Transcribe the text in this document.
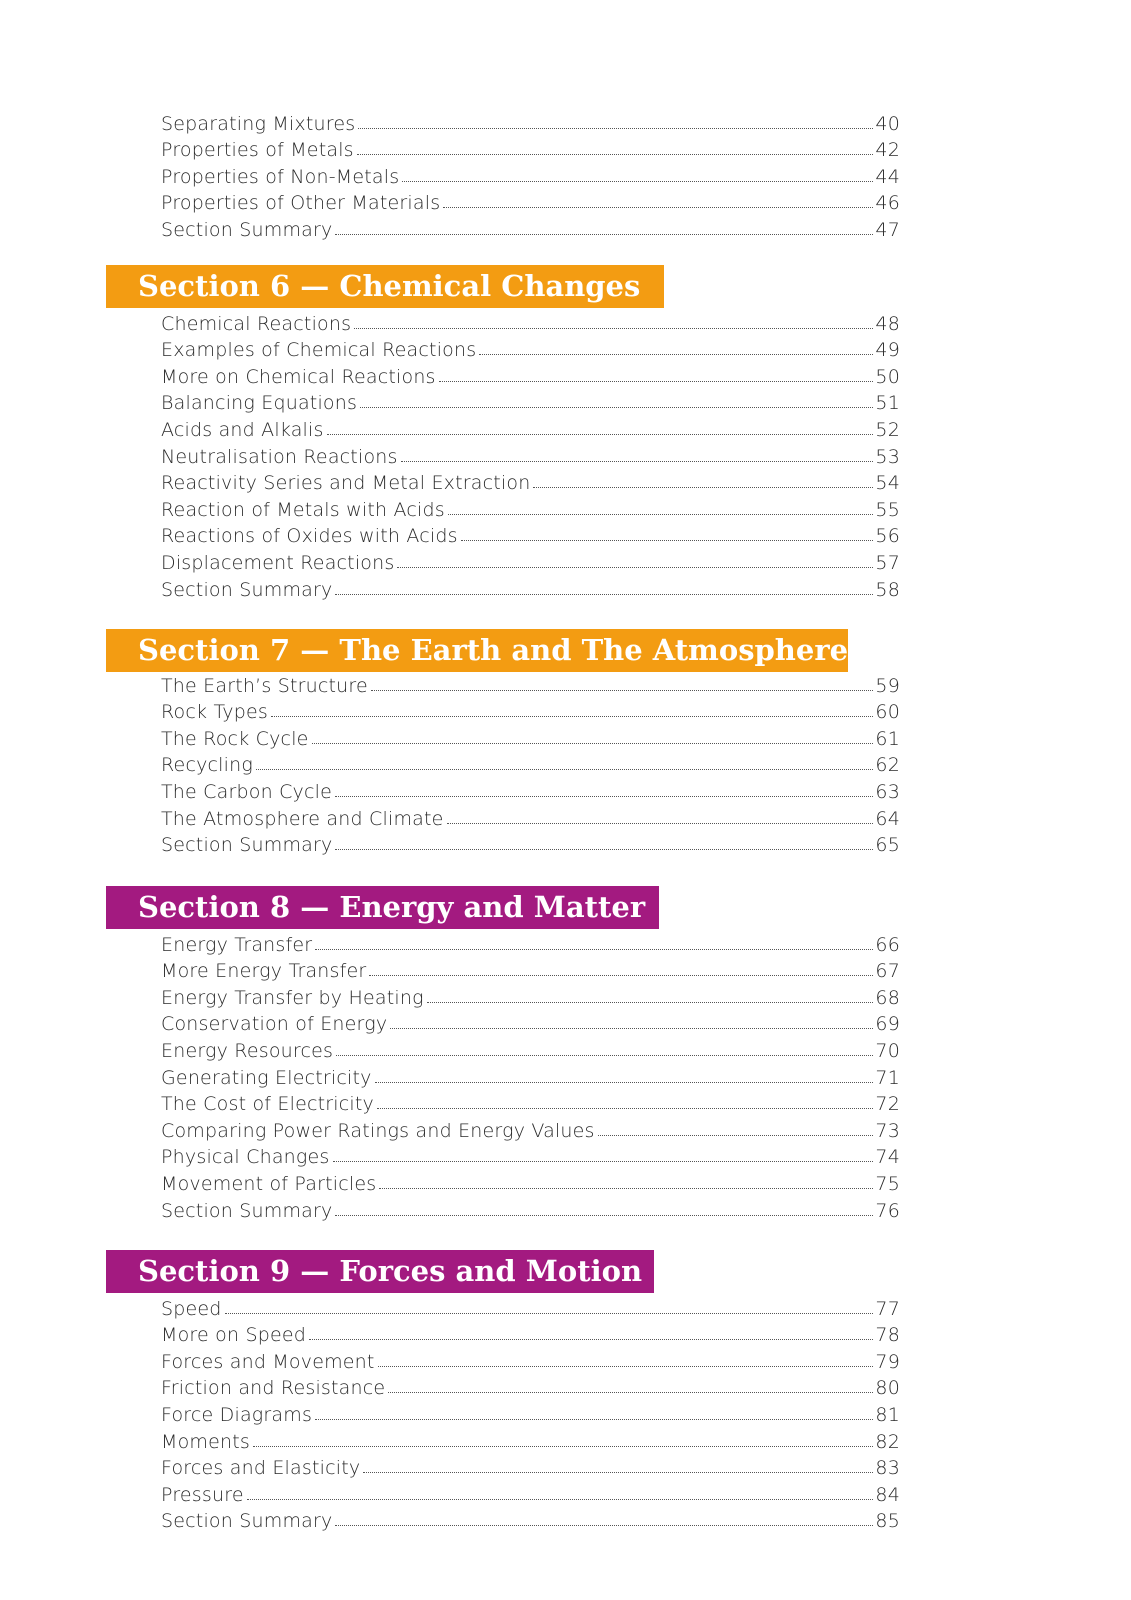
Separating Mixtures	40
Properties of Metals	42
Properties of Non-Metals	44
Properties of Other Materials	46
Section Summary	47
Section 6 — Chemical Changes
Chemical Reactions	48
Examples of Chemical Reactions	49
More on Chemical Reactions	50
Balancing Equations	51
Acids and Alkalis	52
Neutralisation Reactions	53
Reactivity Series and Metal Extraction	54
Reaction of Metals with Acids	55
Reactions of Oxides with Acids	56
Displacement Reactions	57
Section Summary	58
Section 7 — The Earth and The Atmosphere
The Earth’s Structure	59
Rock Types	60
The Rock Cycle	61
Recycling	62
The Carbon Cycle	63
The Atmosphere and Climate	64
Section Summary	65
Section 8 — Energy and Matter
Energy Transfer	66
More Energy Transfer	67
Energy Transfer by Heating	68
Conservation of Energy	69
Energy Resources	70
Generating Electricity	71
The Cost of Electricity	72
Comparing Power Ratings and Energy Values	73
Physical Changes	74
Movement of Particles	75
Section Summary	76
Section 9 — Forces and Motion
Speed	77
More on Speed	78
Forces and Movement	79
Friction and Resistance	80
Force Diagrams	81
Moments	82
Forces and Elasticity	83
Pressure	84
Section Summary	85
